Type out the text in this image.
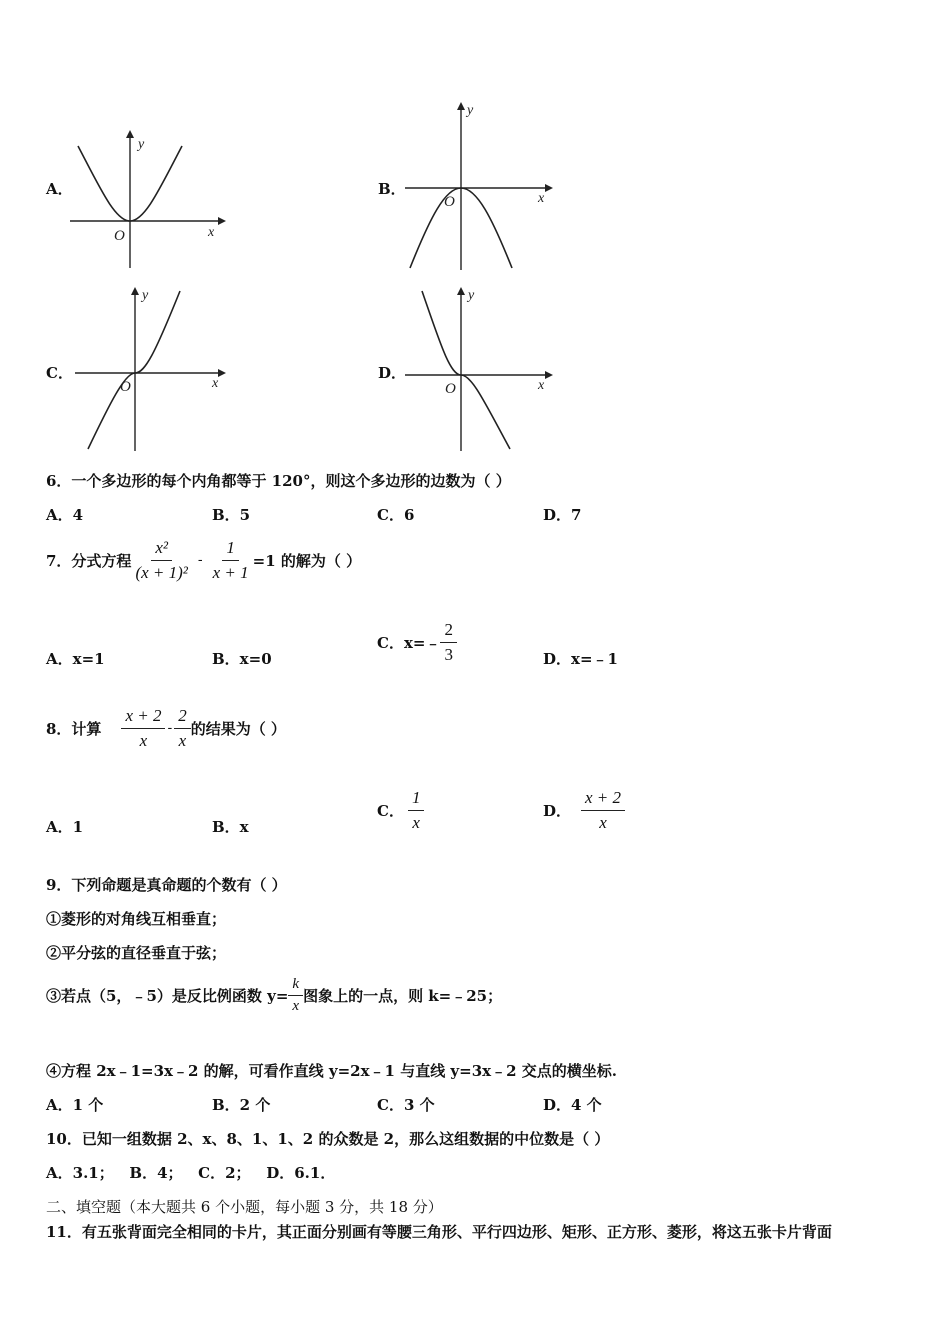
A．
y
x
O
B．
y
x
O
C．
y
x
O
D．
y
x
O
6．一个多边形的每个内角都等于 120°，则这个多边形的边数为（ ）
A．4	B．5	C．6	D．7
7．分式方程 $\frac{\text{x²}}{\text{(x + 1)²}} - \frac{1}{x + 1} =1$ 的解为（ ）
A．x=1	B．x=0
C．x=﹣ $\frac{2}{3}$	D．x=﹣1
8．计算 $\frac{x + 2}{x} - \frac{2}{x}$ 的结果为（ ）
A．1	B．x
C． $\frac{1}{x}$	D． $\frac{x + 2}{x}$
9．下列命题是真命题的个数有（ ）
①菱形的对角线互相垂直；
②平分弦的直径垂直于弦；
③若点（5，﹣5）是反比例函数 $y= \frac{k}{x}$ 图象上的一点，则 k=﹣25；
④方程 2x﹣1=3x﹣2 的解，可看作直线 y=2x﹣1 与直线 y=3x﹣2 交点的横坐标.
A．1 个	B．2 个	C．3 个	D．4 个
10．已知一组数据 2、x、8、1、1、2 的众数是 2，那么这组数据的中位数是（ ）
A．3.1；   B．4；   C．2；   D．6.1．
二、填空题（本大题共 6 个小题，每小题 3 分，共 18 分）
11．有五张背面完全相同的卡片，其正面分别画有等腰三角形、平行四边形、矩形、正方形、菱形，将这五张卡片背面
